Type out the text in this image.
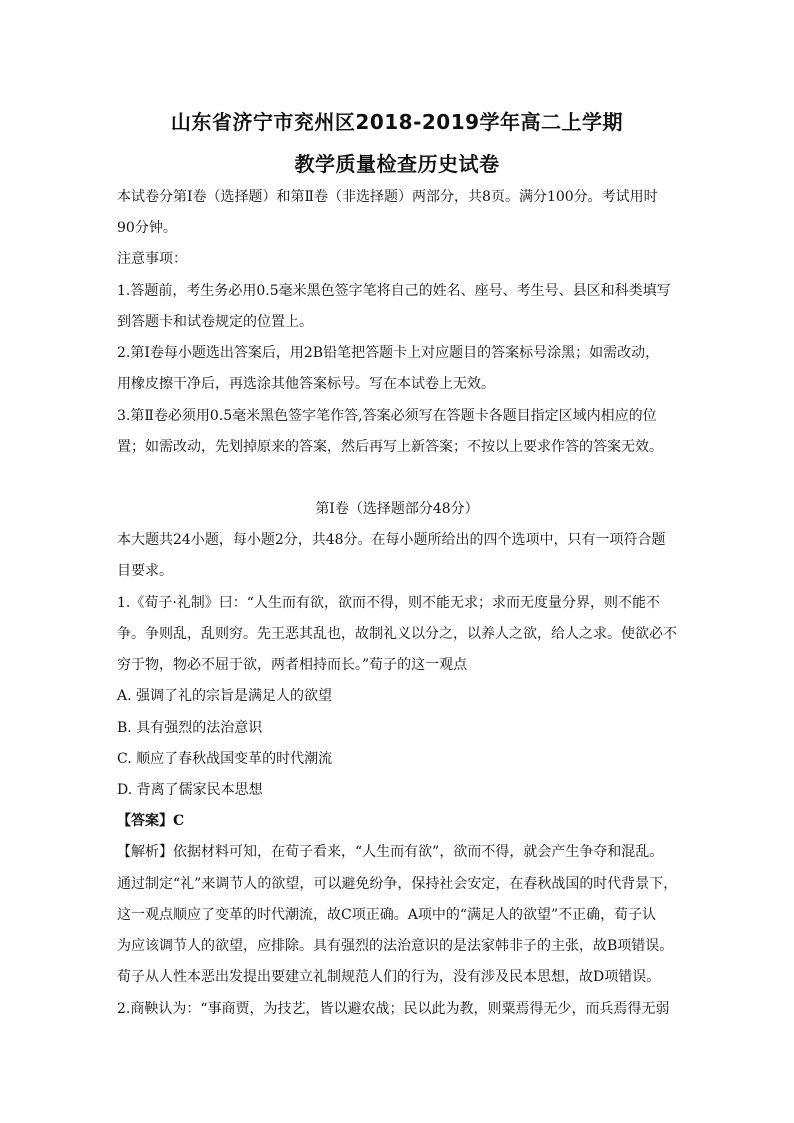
山东省济宁市兖州区2018-2019学年高二上学期
教学质量检查历史试卷
本试卷分第Ⅰ卷（选择题）和第Ⅱ卷（非选择题）两部分，共8页。满分100分。考试用时
90分钟。
注意事项：
1.答题前，考生务必用0.5毫米黑色签字笔将自己的姓名、座号、考生号、县区和科类填写
到答题卡和试卷规定的位置上。
2.第Ⅰ卷每小题选出答案后，用2B铅笔把答题卡上对应题目的答案标号涂黑；如需改动，
用橡皮擦干净后，再选涂其他答案标号。写在本试卷上无效。
3.第Ⅱ卷必须用0.5毫米黑色签字笔作答,答案必须写在答题卡各题目指定区域内相应的位
置；如需改动，先划掉原来的答案，然后再写上新答案；不按以上要求作答的答案无效。
第Ⅰ卷（选择题部分48分）
本大题共24小题，每小题2分，共48分。在每小题所给出的四个选项中，只有一项符合题
目要求。
1.《荀子·礼制》曰：“人生而有欲，欲而不得，则不能无求；求而无度量分界，则不能不
争。争则乱，乱则穷。先王恶其乱也，故制礼义以分之，以养人之欲，给人之求。使欲必不
穷于物，物必不屈于欲，两者相持而长。”荀子的这一观点
A. 强调了礼的宗旨是满足人的欲望
B. 具有强烈的法治意识
C. 顺应了春秋战国变革的时代潮流
D. 背离了儒家民本思想
【答案】C
【解析】依据材料可知，在荀子看来，“人生而有欲”，欲而不得，就会产生争夺和混乱。
通过制定“礼”来调节人的欲望，可以避免纷争，保持社会安定，在春秋战国的时代背景下，
这一观点顺应了变革的时代潮流，故C项正确。A项中的“满足人的欲望”不正确，荀子认
为应该调节人的欲望，应排除。具有强烈的法治意识的是法家韩非子的主张，故B项错误。
荀子从人性本恶出发提出要建立礼制规范人们的行为，没有涉及民本思想，故D项错误。
2.商鞅认为：“事商贾，为技艺，皆以避农战；民以此为教，则粟焉得无少，而兵焉得无弱
